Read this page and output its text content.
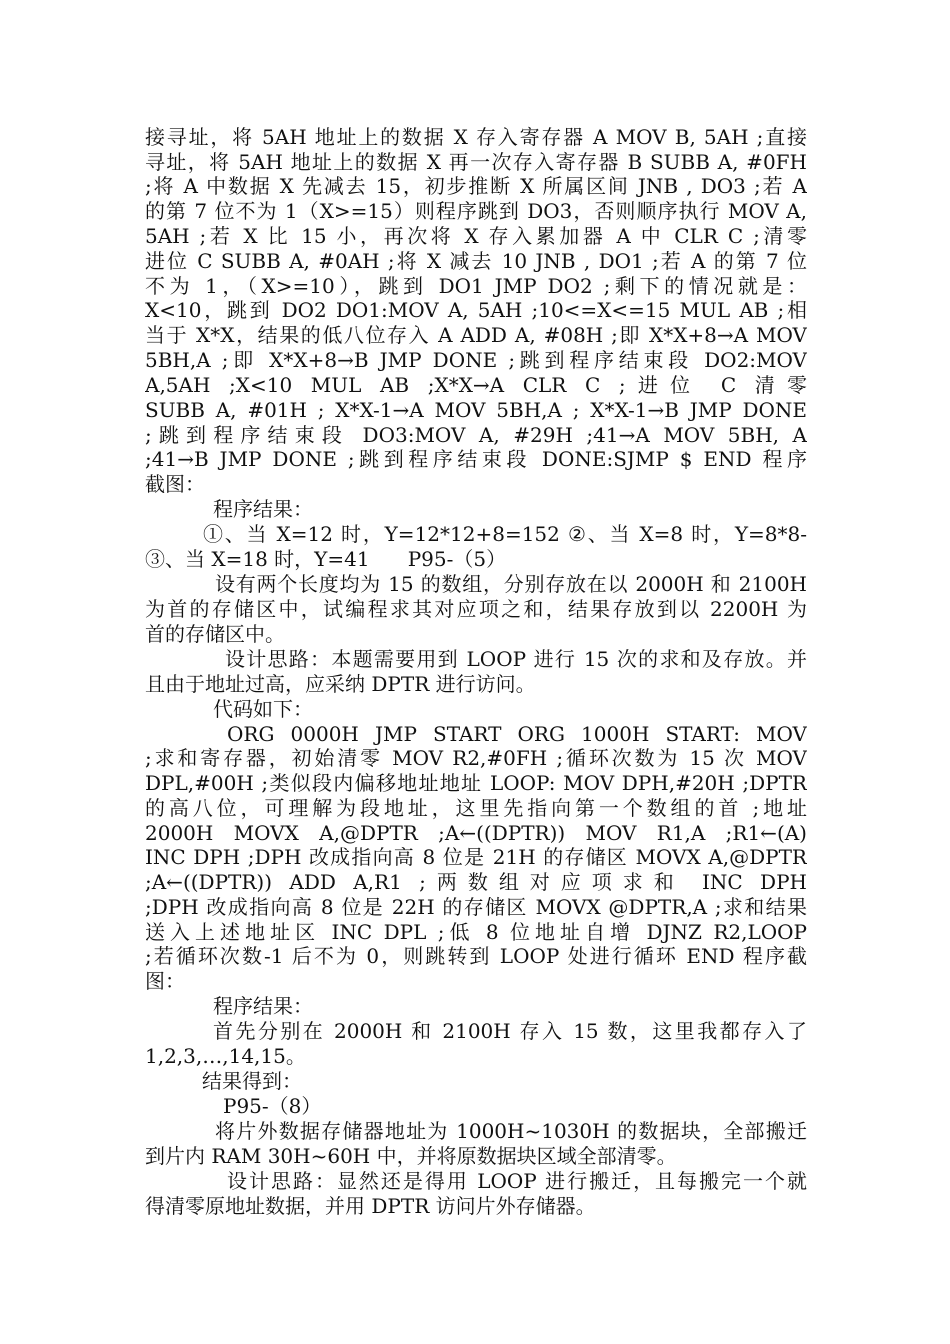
接寻址，将 5AH 地址上的数据 X 存入寄存器 A MOV B, 5AH ;直接
寻址，将 5AH 地址上的数据 X 再一次存入寄存器 B SUBB A, #0FH
;将 A 中数据 X 先减去 15，初步推断 X 所属区间 JNB , DO3 ;若 A
的第 7 位不为 1（X>=15）则程序跳到 DO3，否则顺序执行 MOV A,
5AH ;若 X 比 15 小，再次将 X 存入累加器 A 中 CLR C ;清零
进位 C SUBB A, #0AH ;将 X 减去 10 JNB , DO1 ;若 A 的第 7 位
不为 1，（X>=10），跳到 DO1 JMP DO2 ;剩下的情况就是：
X<10，跳到 DO2 DO1:MOV A, 5AH ;10<=X<=15 MUL AB ;相
当于 X*X，结果的低八位存入 A ADD A, #08H ;即 X*X+8→A MOV
5BH,A ;即 X*X+8→B JMP DONE ;跳到程序结束段 DO2:MOV
A,5AH ;X<10 MUL AB ;X*X→A CLR C ;进位 C 清零
SUBB A, #01H ; X*X-1→A MOV 5BH,A ; X*X-1→B JMP DONE
;跳到程序结束段 DO3:MOV A, #29H ;41→A MOV 5BH, A
;41→B JMP DONE ;跳到程序结束段 DONE:SJMP $ END 程序
截图：
程序结果：
①、当 X=12 时，Y=12*12+8=152 ②、当 X=8 时，Y=8*8-
③、当 X=18 时，Y=41      P95-（5）
设有两个长度均为 15 的数组，分别存放在以 2000H 和 2100H
为首的存储区中，试编程求其对应项之和，结果存放到以 2200H 为
首的存储区中。
设计思路：本题需要用到 LOOP 进行 15 次的求和及存放。并
且由于地址过高，应采纳 DPTR 进行访问。
代码如下：
ORG 0000H JMP START ORG 1000H START: MOV
;求和寄存器，初始清零 MOV R2,#0FH ;循环次数为 15 次 MOV
DPL,#00H ;类似段内偏移地址地址 LOOP: MOV DPH,#20H ;DPTR
的高八位，可理解为段地址，这里先指向第一个数组的首 ;地址
2000H MOVX A,@DPTR ;A←((DPTR)) MOV R1,A ;R1←(A)
INC DPH ;DPH 改成指向高 8 位是 21H 的存储区 MOVX A,@DPTR
;A←((DPTR)) ADD A,R1 ;两数组对应项求和 INC DPH
;DPH 改成指向高 8 位是 22H 的存储区 MOVX @DPTR,A ;求和结果
送入上述地址区 INC DPL ;低 8 位地址自增 DJNZ R2,LOOP
;若循环次数-1 后不为 0，则跳转到 LOOP 处进行循环 END 程序截
图：
程序结果：
首先分别在 2000H 和 2100H 存入 15 数，这里我都存入了
1,2,3,…,14,15。
结果得到：
P95-（8）
将片外数据存储器地址为 1000H~1030H 的数据块，全部搬迁
到片内 RAM 30H~60H 中，并将原数据块区域全部清零。
设计思路：显然还是得用 LOOP 进行搬迁，且每搬完一个就
得清零原地址数据，并用 DPTR 访问片外存储器。
